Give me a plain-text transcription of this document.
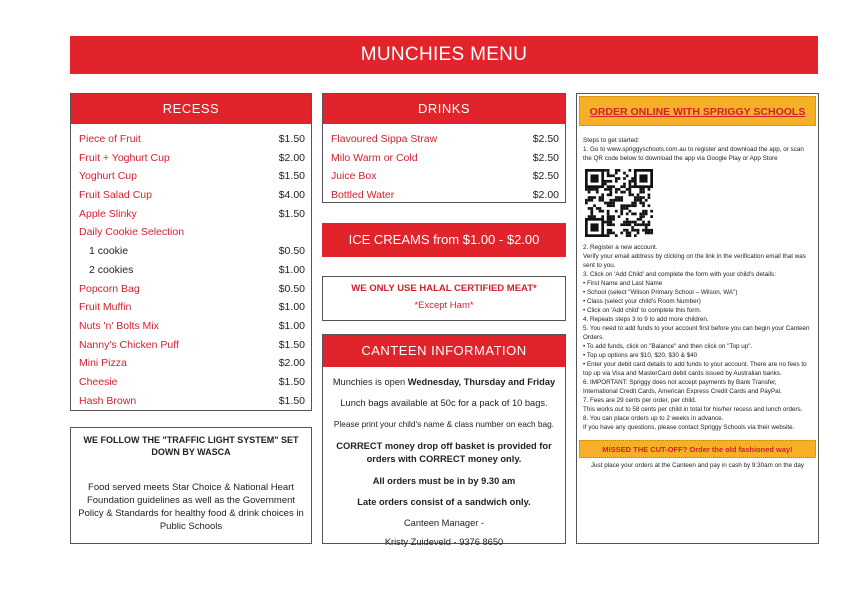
MUNCHIES MENU
RECESS
Piece of Fruit	$1.50
Fruit + Yoghurt Cup	$2.00
Yoghurt Cup	$1.50
Fruit Salad Cup	$4.00
Apple Slinky	$1.50
Daily Cookie Selection
1 cookie	$0.50
2 cookies	$1.00
Popcorn Bag	$0.50
Fruit Muffin	$1.00
Nuts 'n' Bolts Mix	$1.00
Nanny's Chicken Puff	$1.50
Mini Pizza	$2.00
Cheesie	$1.50
Hash Brown	$1.50
DRINKS
Flavoured Sippa Straw	$2.50
Milo Warm or Cold	$2.50
Juice Box	$2.50
Bottled Water	$2.00
ICE CREAMS from $1.00 - $2.00
WE ONLY USE HALAL CERTIFIED MEAT*
*Except Ham*
CANTEEN INFORMATION

Munchies is open Wednesday, Thursday and Friday

Lunch bags available at 50c for a pack of 10 bags.

Please print your child's name & class number on each bag.

CORRECT money drop off basket is provided for orders with CORRECT money only.

All orders must be in by 9.30 am

Late orders consist of a sandwich only.

Canteen Manager -

Kristy Zuideveld - 9376 8650

WE FOLLOW THE "TRAFFIC LIGHT SYSTEM" SET DOWN BY WASCA
Food served meets Star Choice & National Heart Foundation guidelines as well as the Government Policy & Standards for healthy food & drink choices in Public Schools
ORDER ONLINE WITH SPRIGGY SCHOOLS
Steps to get started:
1. Go to www.spriggyschools.com.au to register and download the app, or scan the QR code below to download the app via Google Play or App Store
2. Register a new account.
Verify your email address by clicking on the link in the verification email that was sent to you.
3. Click on 'Add Child' and complete the form with your child's details:
• First Name and Last Name
• School (select "Wilson Primary School – Wilson, WA")
• Class (select your child's Room Number)
• Click on 'Add child' to complete this form.
4. Repeats steps 3 to 9 to add more children.
5. You need to add funds to your account first before you can begin your Canteen Orders.
• To add funds, click on "Balance" and then click on "Top up".
• Top up options are $10, $20, $30 & $40
• Enter your debit card details to add funds to your account. There are no fees to top up via Visa and MasterCard debit cards issued by Australian banks.
6. IMPORTANT: Spriggy does not accept payments by Bank Transfer, International Credit Cards, American Express Credit Cards and PayPal.
7. Fees are 29 cents per order, per child.
This works out to 58 cents per child in total for his/her recess and lunch orders.
8. You can place orders up to 2 weeks in advance.
If you have any questions, please contact Spriggy Schools via their website.
MISSED THE CUT-OFF? Order the old fashioned way!
Just place your orders at the Canteen and pay in cash by 9:30am on the day
